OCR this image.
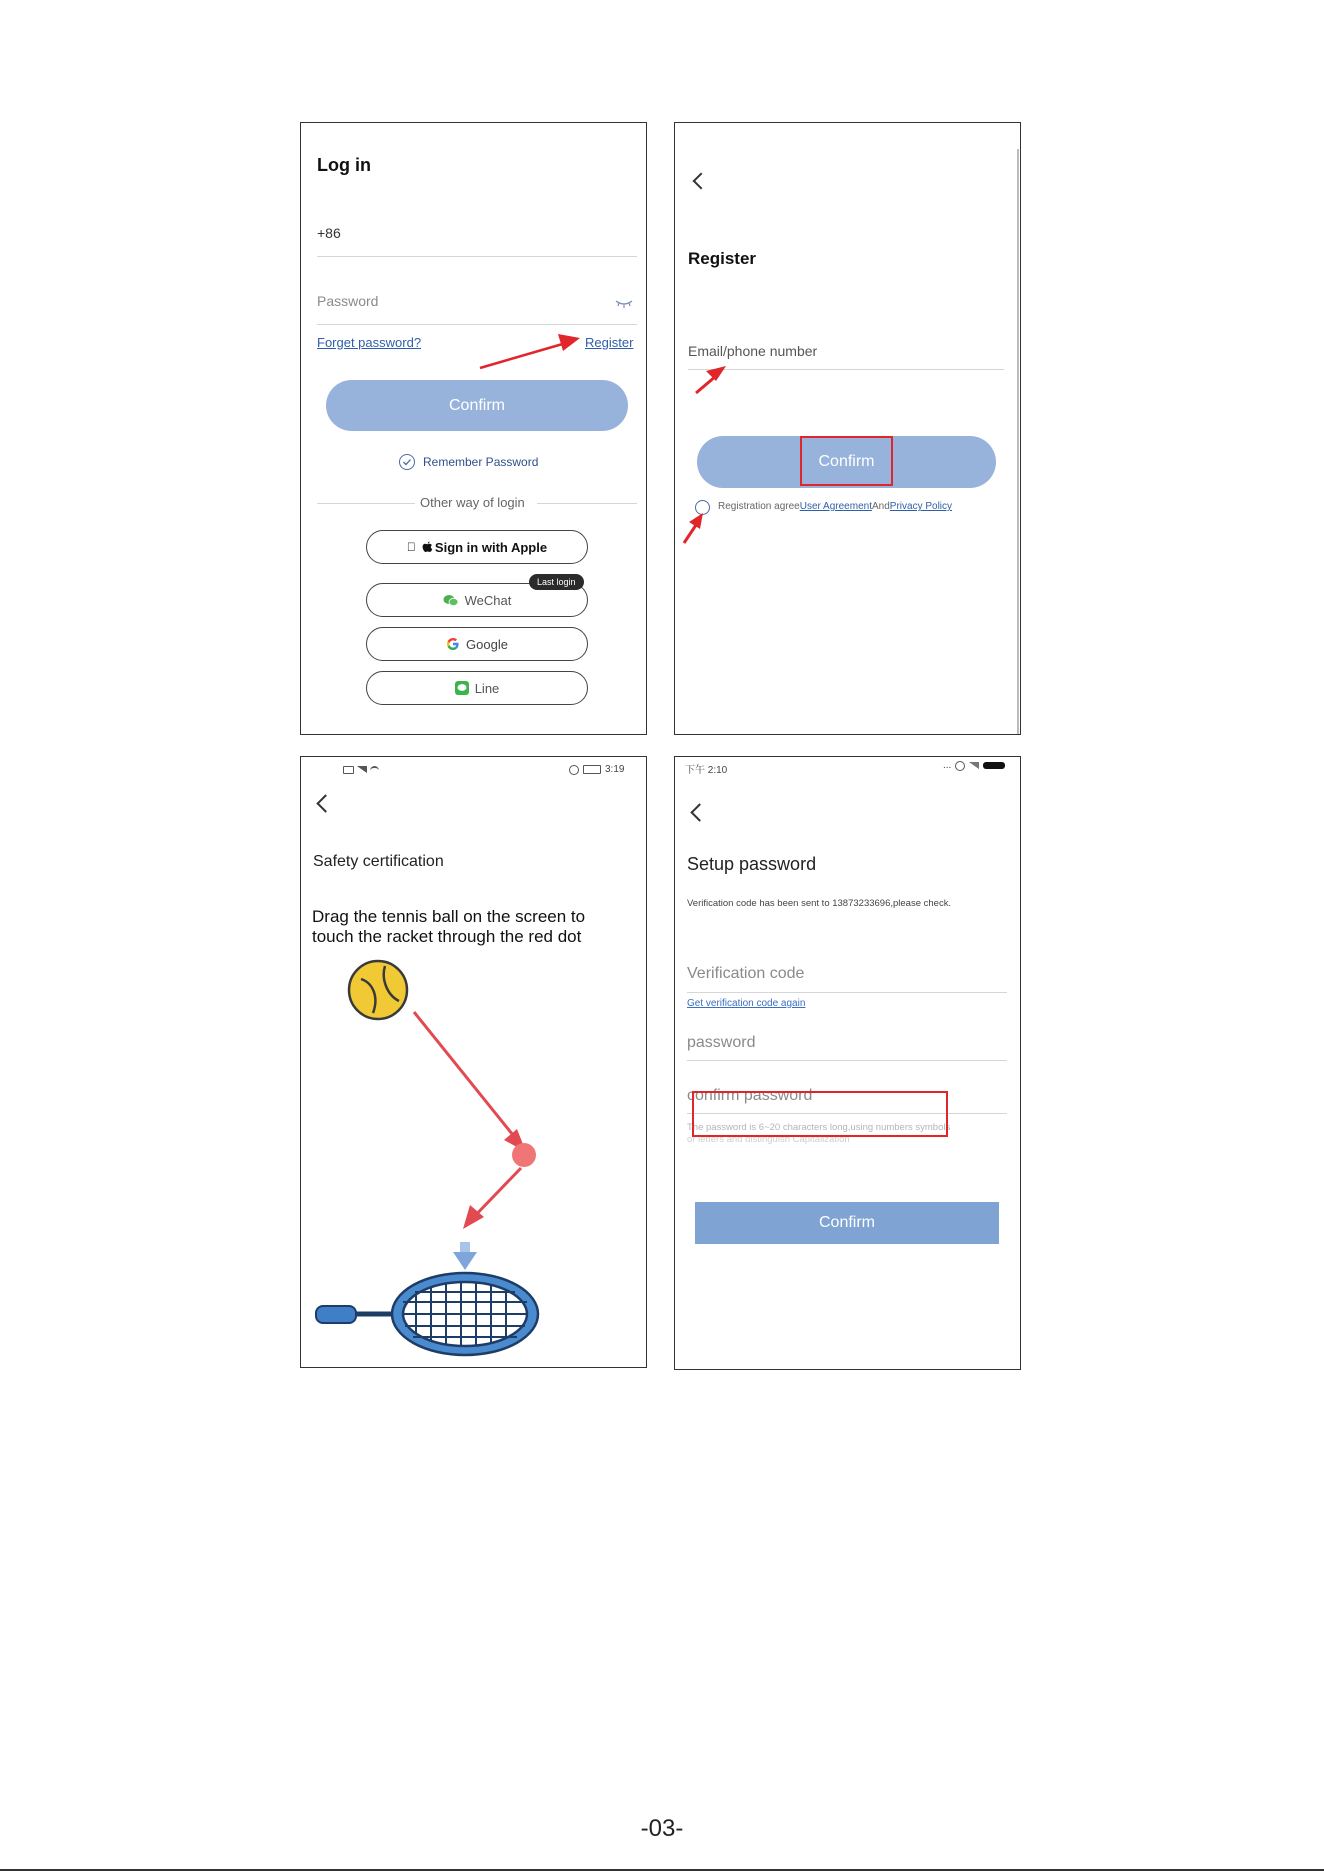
Log in
+86
Password
Forget password?	Register
Confirm
Remember Password
Other way of login
Sign in with Apple
WeChat
Last login
Google
Line
Register
Email/phone number
Confirm
Registration agreeUser AgreementAndPrivacy Policy
3:19
Safety certification
Drag the tennis ball on the screen to
touch the racket through the red dot
下午 2:10	...
Setup password
Verification code has been sent to 13873233696,please check.
Verification code
Get verification code again
password
confirm password
The password is 6~20 characters long,using numbers symbols
or letters and distinguish Capitalization
Confirm
-03-
